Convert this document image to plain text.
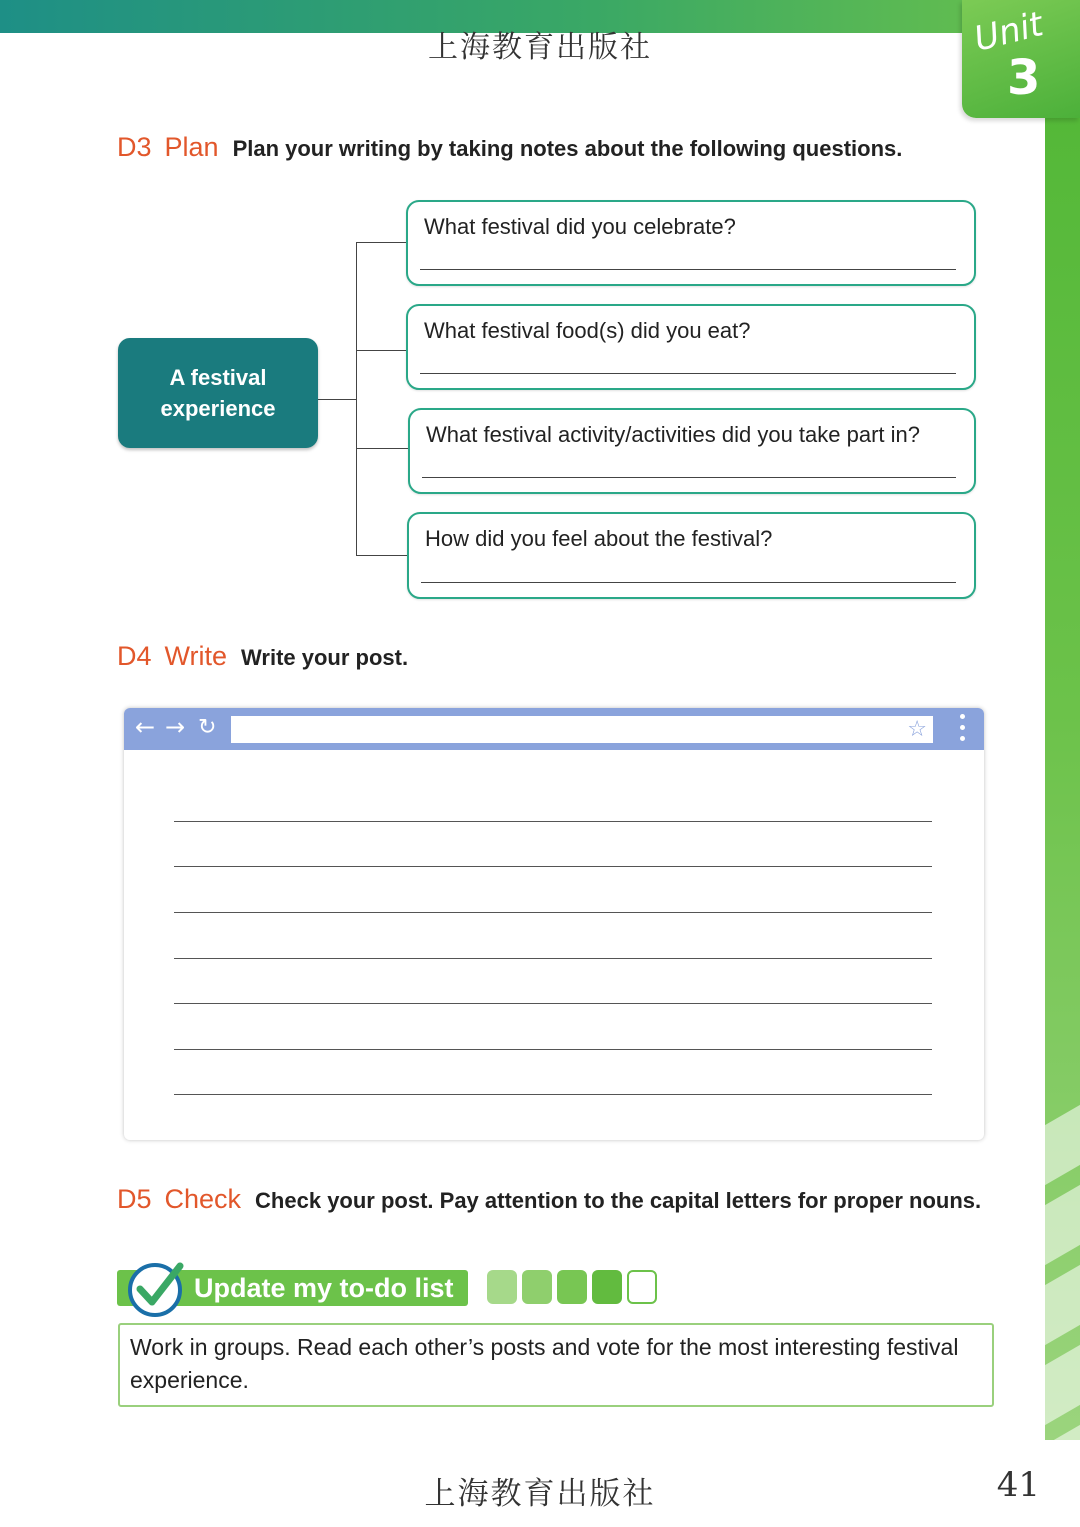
上海教育出版社	Unit
3
D3 Plan Plan your writing by taking notes about the following questions.
A festival experience
What festival did you celebrate?
What festival food(s) did you eat?
What festival activity/activities did you take part in?
How did you feel about the festival?
D4 Write Write your post.
← → ↻	☆
D5 Check Check your post. Pay attention to the capital letters for proper nouns.
Update my to-do list
Work in groups. Read each other’s posts and vote for the most interesting festival experience.
上海教育出版社	41
